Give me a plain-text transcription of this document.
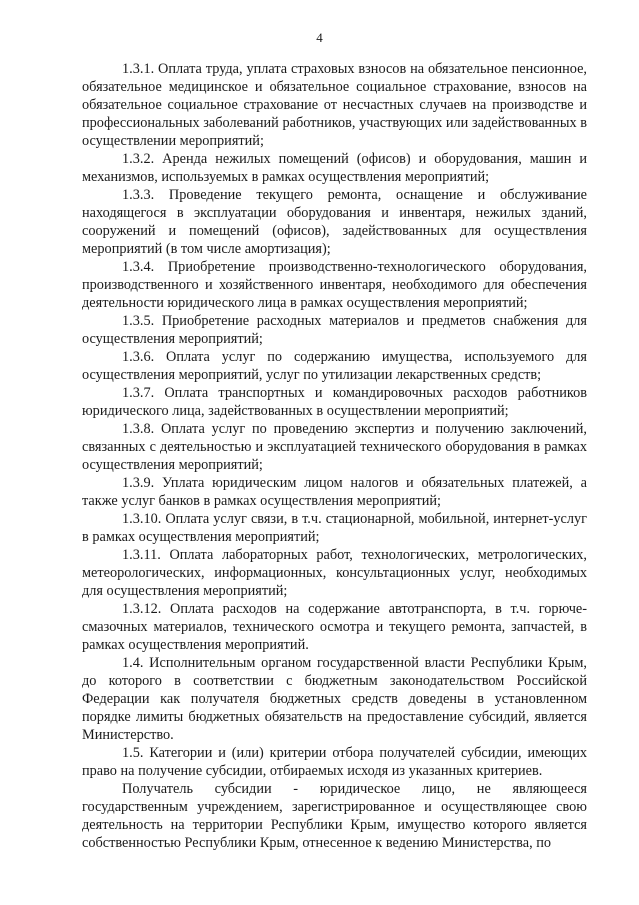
4

1.3.1. Оплата труда, уплата страховых взносов на обязательное пенсионное, обязательное медицинское и обязательное социальное страхование, взносов на обязательное социальное страхование от несчастных случаев на производстве и профессиональных заболеваний работников, участвующих или задействованных в осуществлении мероприятий;

1.3.2. Аренда нежилых помещений (офисов) и оборудования, машин и механизмов, используемых в рамках осуществления мероприятий;

1.3.3. Проведение текущего ремонта, оснащение и обслуживание находящегося в эксплуатации оборудования и инвентаря, нежилых зданий, сооружений и помещений (офисов), задействованных для осуществления мероприятий (в том числе амортизация);

1.3.4. Приобретение производственно-технологического оборудования, производственного и хозяйственного инвентаря, необходимого для обеспечения деятельности юридического лица в рамках осуществления мероприятий;

1.3.5. Приобретение расходных материалов и предметов снабжения для осуществления мероприятий;

1.3.6. Оплата услуг по содержанию имущества, используемого для осуществления мероприятий, услуг по утилизации лекарственных средств;

1.3.7. Оплата транспортных и командировочных расходов работников юридического лица, задействованных в осуществлении мероприятий;

1.3.8. Оплата услуг по проведению экспертиз и получению заключений, связанных с деятельностью и эксплуатацией технического оборудования в рамках осуществления мероприятий;

1.3.9. Уплата юридическим лицом налогов и обязательных платежей, а также услуг банков в рамках осуществления мероприятий;

1.3.10. Оплата услуг связи, в т.ч. стационарной, мобильной, интернет-услуг в рамках осуществления мероприятий;

1.3.11. Оплата лабораторных работ, технологических, метрологических, метеорологических, информационных, консультационных услуг, необходимых для осуществления мероприятий;

1.3.12. Оплата расходов на содержание автотранспорта, в т.ч. горюче-смазочных материалов, технического осмотра и текущего ремонта, запчастей, в рамках осуществления мероприятий.

1.4. Исполнительным органом государственной власти Республики Крым, до которого в соответствии с бюджетным законодательством Российской Федерации как получателя бюджетных средств доведены в установленном порядке лимиты бюджетных обязательств на предоставление субсидий, является Министерство.

1.5. Категории и (или) критерии отбора получателей субсидии, имеющих право на получение субсидии, отбираемых исходя из указанных критериев.

Получатель субсидии - юридическое лицо, не являющееся государственным учреждением, зарегистрированное и осуществляющее свою деятельность на территории Республики Крым, имущество которого является собственностью Республики Крым, отнесенное к ведению Министерства, по
